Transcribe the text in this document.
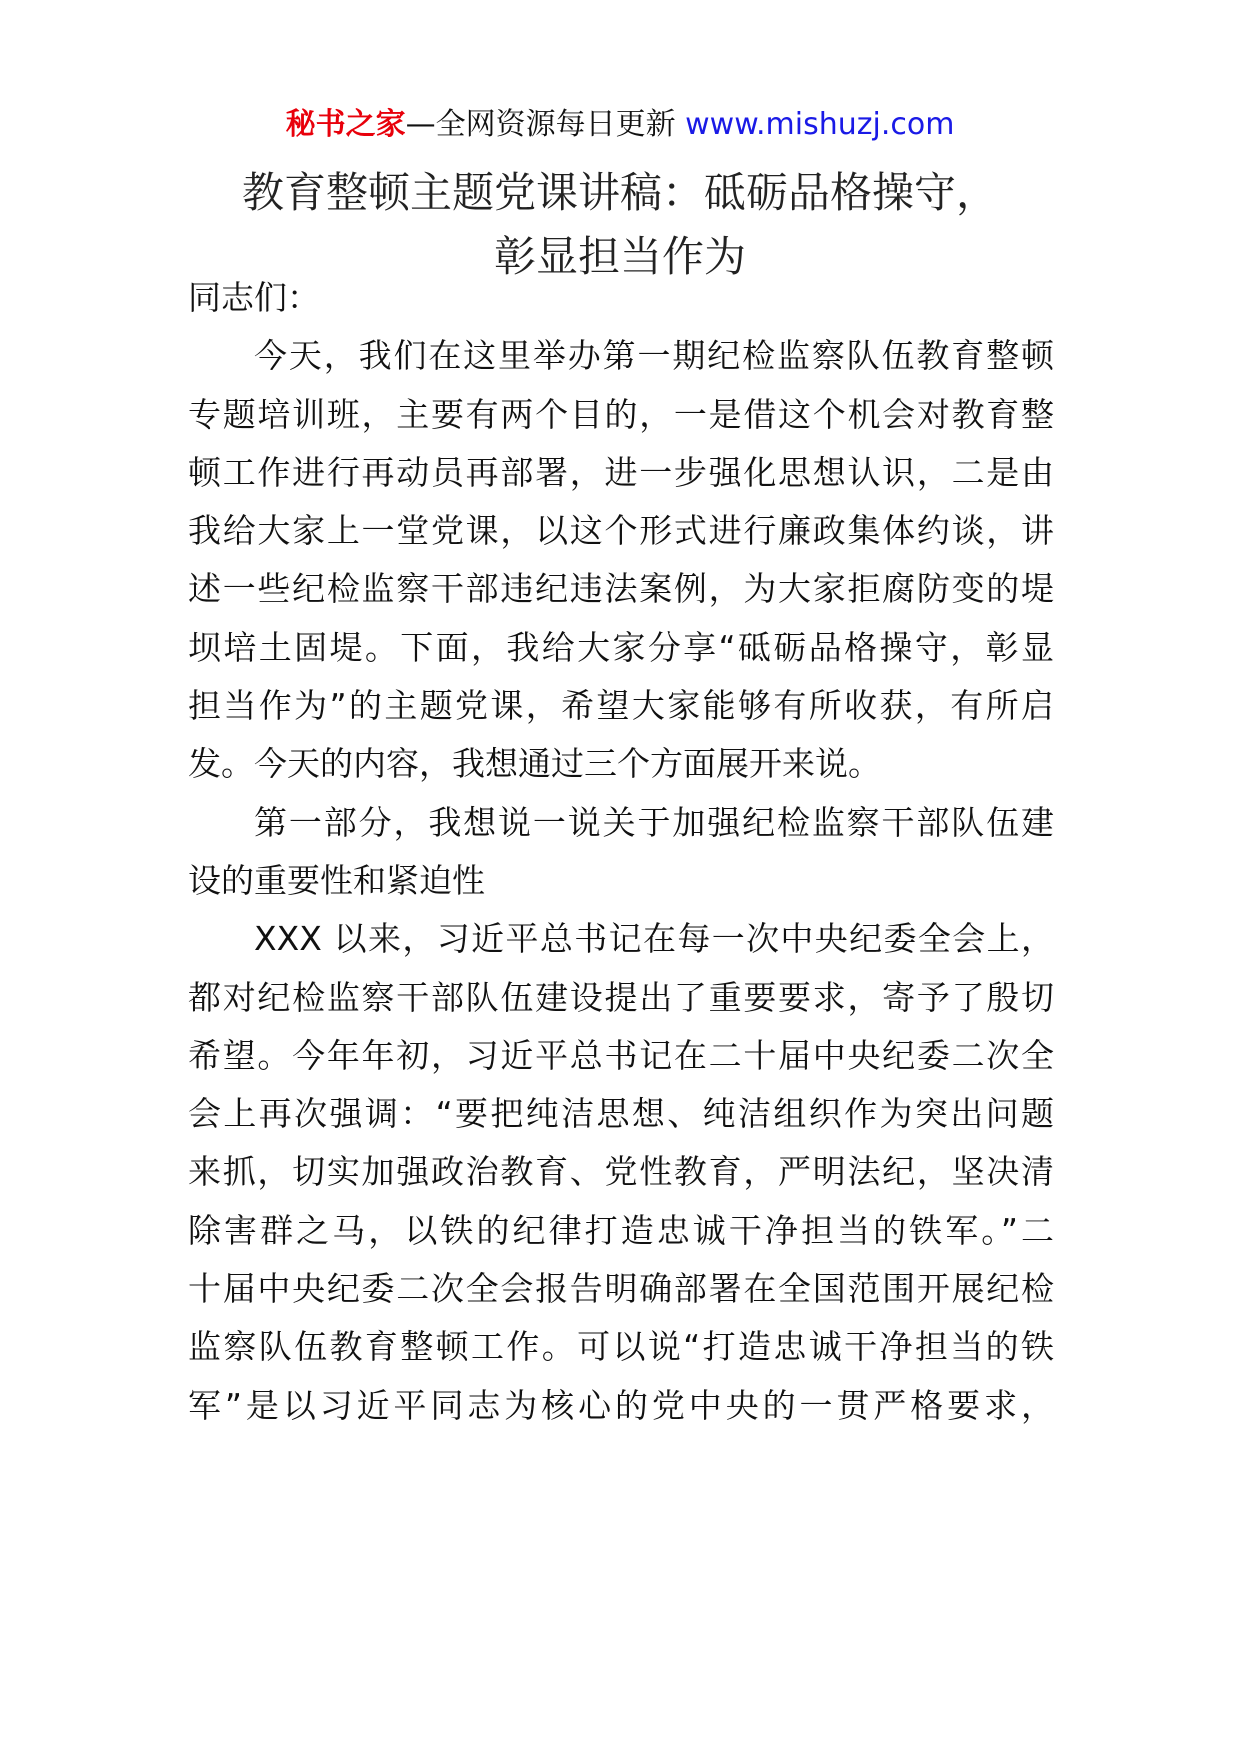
秘书之家—全网资源每日更新 www.mishuzj.com
教育整顿主题党课讲稿：砥砺品格操守，
彰显担当作为
同志们：
今天，我们在这里举办第一期纪检监察队伍教育整顿
专题培训班，主要有两个目的，一是借这个机会对教育整
顿工作进行再动员再部署，进一步强化思想认识，二是由
我给大家上一堂党课，以这个形式进行廉政集体约谈，讲
述一些纪检监察干部违纪违法案例，为大家拒腐防变的堤
坝培土固堤。下面，我给大家分享“砥砺品格操守，彰显
担当作为”的主题党课，希望大家能够有所收获，有所启
发。今天的内容，我想通过三个方面展开来说。
第一部分，我想说一说关于加强纪检监察干部队伍建
设的重要性和紧迫性
XXX 以来，习近平总书记在每一次中央纪委全会上，
都对纪检监察干部队伍建设提出了重要要求，寄予了殷切
希望。今年年初，习近平总书记在二十届中央纪委二次全
会上再次强调：“要把纯洁思想、纯洁组织作为突出问题
来抓，切实加强政治教育、党性教育，严明法纪，坚决清
除害群之马，以铁的纪律打造忠诚干净担当的铁军。”二
十届中央纪委二次全会报告明确部署在全国范围开展纪检
监察队伍教育整顿工作。可以说“打造忠诚干净担当的铁
军”是以习近平同志为核心的党中央的一贯严格要求，
